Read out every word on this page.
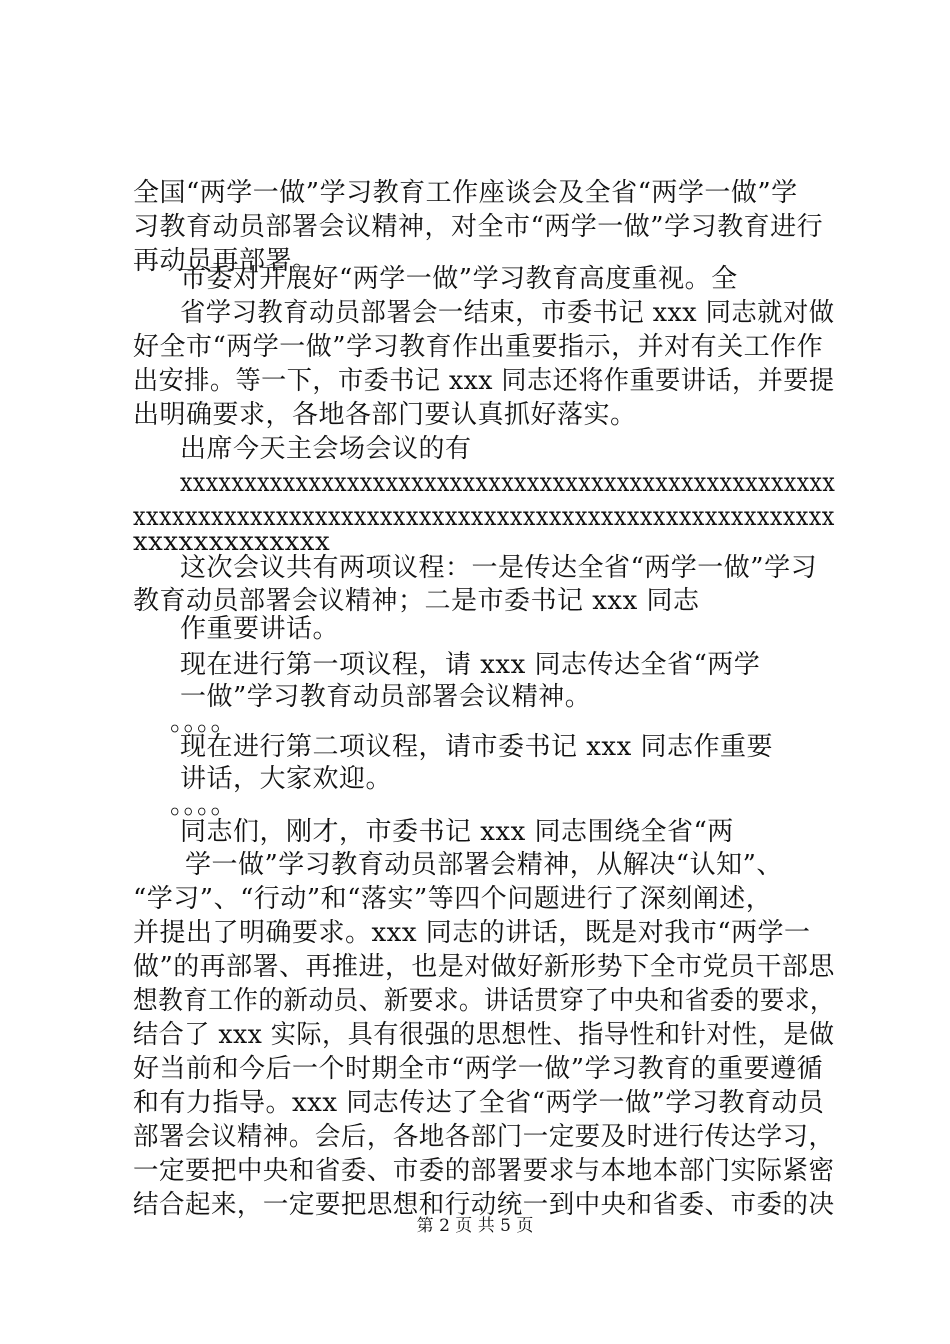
全国“两学一做”学习教育工作座谈会及全省“两学一做”学
习教育动员部署会议精神，对全市“两学一做”学习教育进行
再动员再部署。
市委对开展好“两学一做”学习教育高度重视。全
省学习教育动员部署会一结束，市委书记 xxx 同志就对做
好全市“两学一做”学习教育作出重要指示，并对有关工作作
出安排。等一下，市委书记 xxx 同志还将作重要讲话，并要提
出明确要求，各地各部门要认真抓好落实。
出席今天主会场会议的有
xxxxxxxxxxxxxxxxxxxxxxxxxxxxxxxxxxxxxxxxxxxxxxxxxxx
xxxxxxxxxxxxxxxxxxxxxxxxxxxxxxxxxxxxxxxxxxxxxxxxxxxxxx
xxxxxxxxxxxxx
这次会议共有两项议程：一是传达全省“两学一做”学习
教育动员部署会议精神；二是市委书记 xxx 同志
作重要讲话。
现在进行第一项议程，请 xxx 同志传达全省“两学
一做”学习教育动员部署会议精神。
。。。。
现在进行第二项议程，请市委书记 xxx 同志作重要
讲话，大家欢迎。
。。。。
同志们，刚才，市委书记 xxx 同志围绕全省“两
学一做”学习教育动员部署会精神，从解决“认知”、
“学习”、“行动”和“落实”等四个问题进行了深刻阐述，
并提出了明确要求。xxx 同志的讲话，既是对我市“两学一
做”的再部署、再推进，也是对做好新形势下全市党员干部思
想教育工作的新动员、新要求。讲话贯穿了中央和省委的要求，
结合了 xxx 实际，具有很强的思想性、指导性和针对性，是做
好当前和今后一个时期全市“两学一做”学习教育的重要遵循
和有力指导。xxx 同志传达了全省“两学一做”学习教育动员
部署会议精神。会后，各地各部门一定要及时进行传达学习，
一定要把中央和省委、市委的部署要求与本地本部门实际紧密
结合起来，一定要把思想和行动统一到中央和省委、市委的决
第 2 页 共 5 页
